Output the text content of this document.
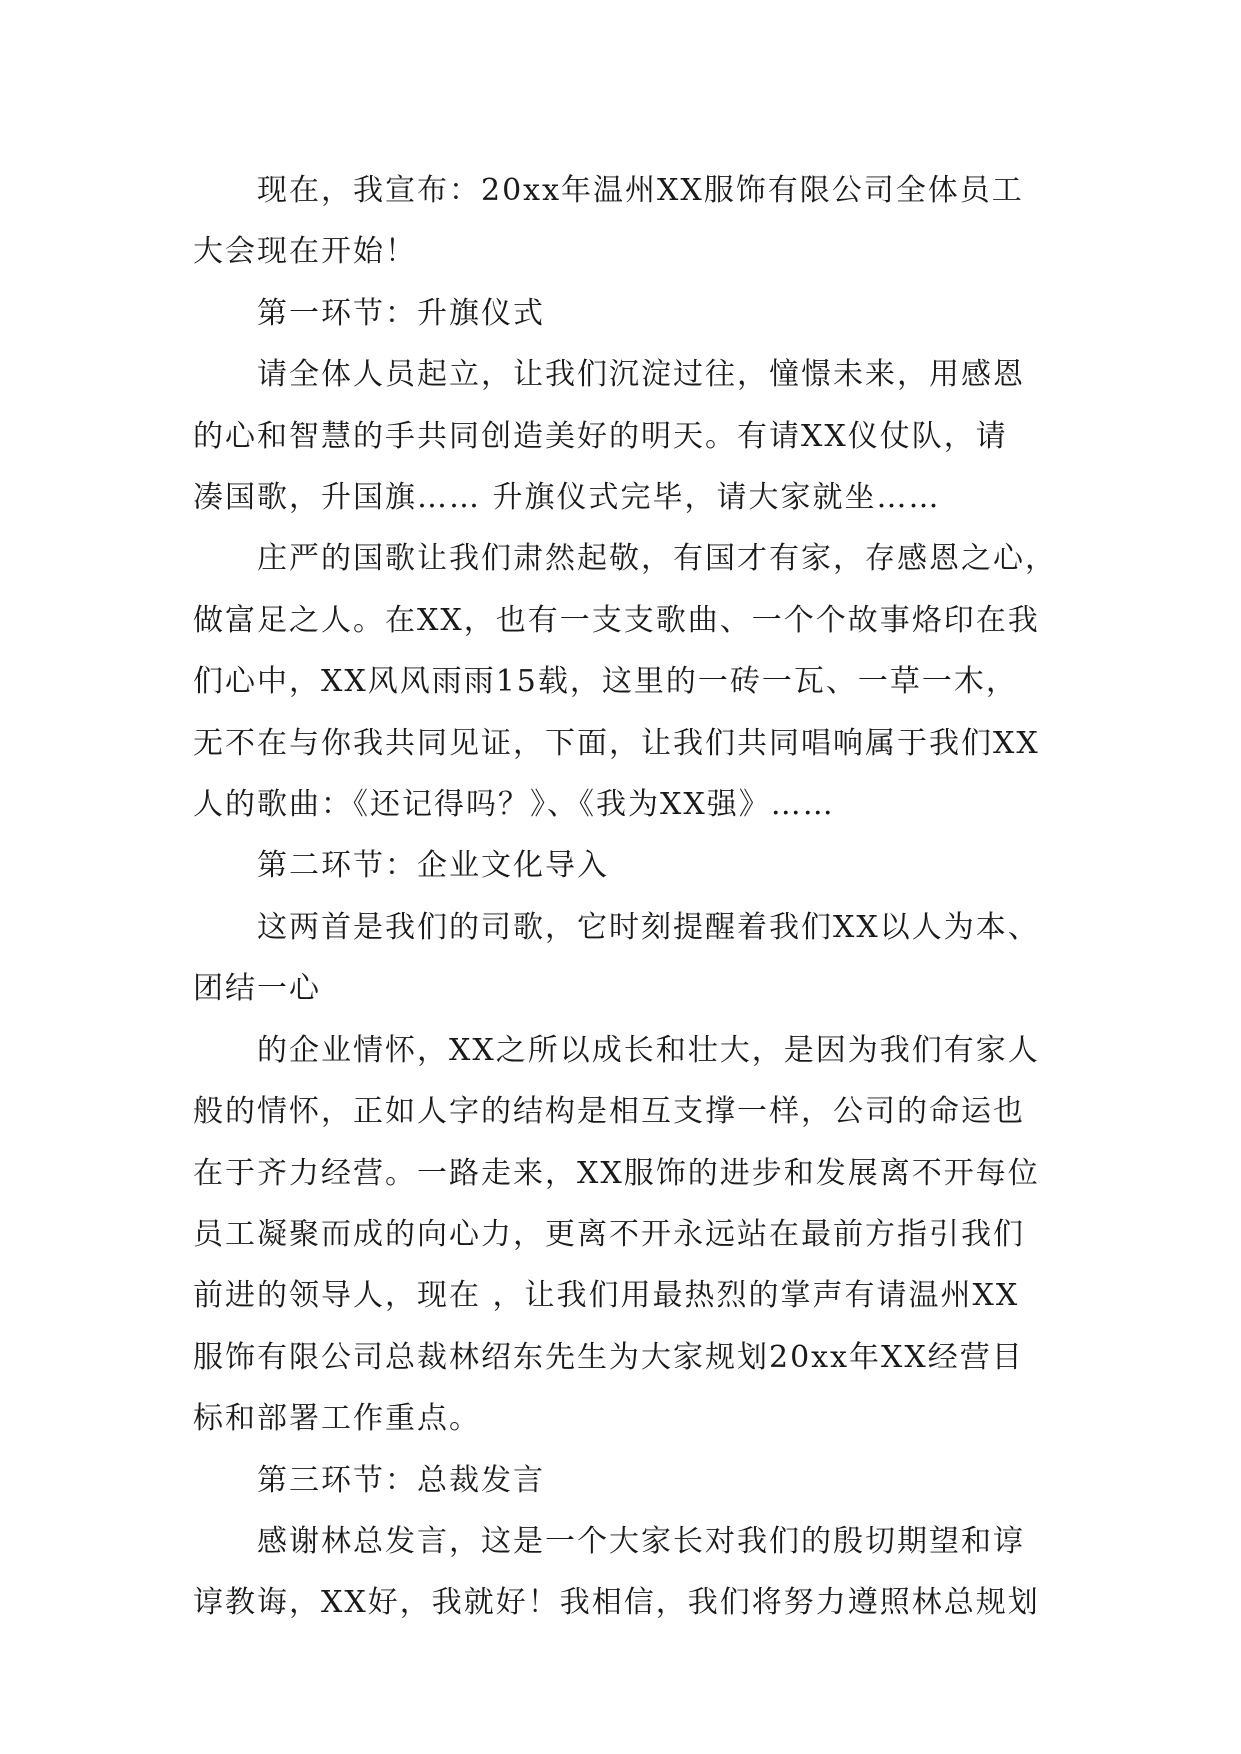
现在，我宣布：20xx年温州XX服饰有限公司全体员工
大会现在开始！
第一环节：升旗仪式
请全体人员起立，让我们沉淀过往，憧憬未来，用感恩
的心和智慧的手共同创造美好的明天。有请XX仪仗队，请
凑国歌，升国旗…… 升旗仪式完毕，请大家就坐……
庄严的国歌让我们肃然起敬，有国才有家，存感恩之心，
做富足之人。在XX，也有一支支歌曲、一个个故事烙印在我
们心中，XX风风雨雨15载，这里的一砖一瓦、一草一木，
无不在与你我共同见证，下面，让我们共同唱响属于我们XX
人的歌曲：《还记得吗？》、《我为XX强》……
第二环节：企业文化导入
这两首是我们的司歌，它时刻提醒着我们XX以人为本、
团结一心
的企业情怀，XX之所以成长和壮大，是因为我们有家人
般的情怀，正如人字的结构是相互支撑一样，公司的命运也
在于齐力经营。一路走来，XX服饰的进步和发展离不开每位
员工凝聚而成的向心力，更离不开永远站在最前方指引我们
前进的领导人，现在 ，让我们用最热烈的掌声有请温州XX
服饰有限公司总裁林绍东先生为大家规划20xx年XX经营目
标和部署工作重点。
第三环节：总裁发言
感谢林总发言，这是一个大家长对我们的殷切期望和谆
谆教诲，XX好，我就好！我相信，我们将努力遵照林总规划
